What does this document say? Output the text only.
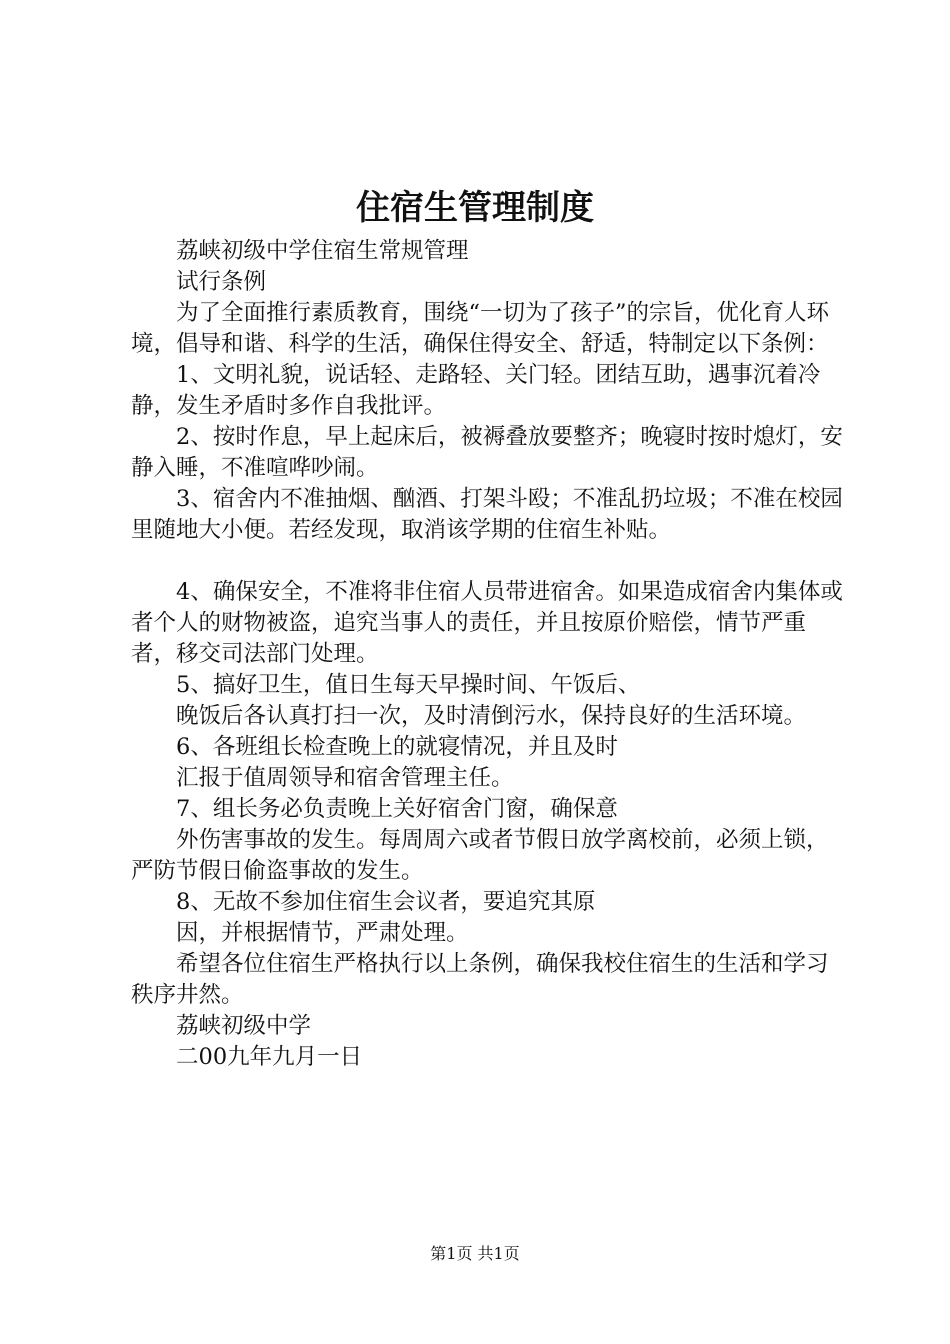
住宿生管理制度

荔峡初级中学住宿生常规管理

试行条例

为了全面推行素质教育，围绕“一切为了孩子”的宗旨，优化育人环境，倡导和谐、科学的生活，确保住得安全、舒适，特制定以下条例：

1、文明礼貌，说话轻、走路轻、关门轻。团结互助，遇事沉着冷静，发生矛盾时多作自我批评。

2、按时作息，早上起床后，被褥叠放要整齐；晚寝时按时熄灯，安静入睡，不准喧哗吵闹。

3、宿舍内不准抽烟、酗酒、打架斗殴；不准乱扔垃圾；不准在校园里随地大小便。若经发现，取消该学期的住宿生补贴。

4、确保安全，不准将非住宿人员带进宿舍。如果造成宿舍内集体或者个人的财物被盗，追究当事人的责任，并且按原价赔偿，情节严重者，移交司法部门处理。

5、搞好卫生，值日生每天早操时间、午饭后、

晚饭后各认真打扫一次，及时清倒污水，保持良好的生活环境。

6、各班组长检查晚上的就寝情况，并且及时

汇报于值周领导和宿舍管理主任。

7、组长务必负责晚上关好宿舍门窗，确保意

外伤害事故的发生。每周周六或者节假日放学离校前，必须上锁，严防节假日偷盗事故的发生。

8、无故不参加住宿生会议者，要追究其原

因，并根据情节，严肃处理。

希望各位住宿生严格执行以上条例，确保我校住宿生的生活和学习秩序井然。

荔峡初级中学

二00九年九月一日

第1页 共1页
